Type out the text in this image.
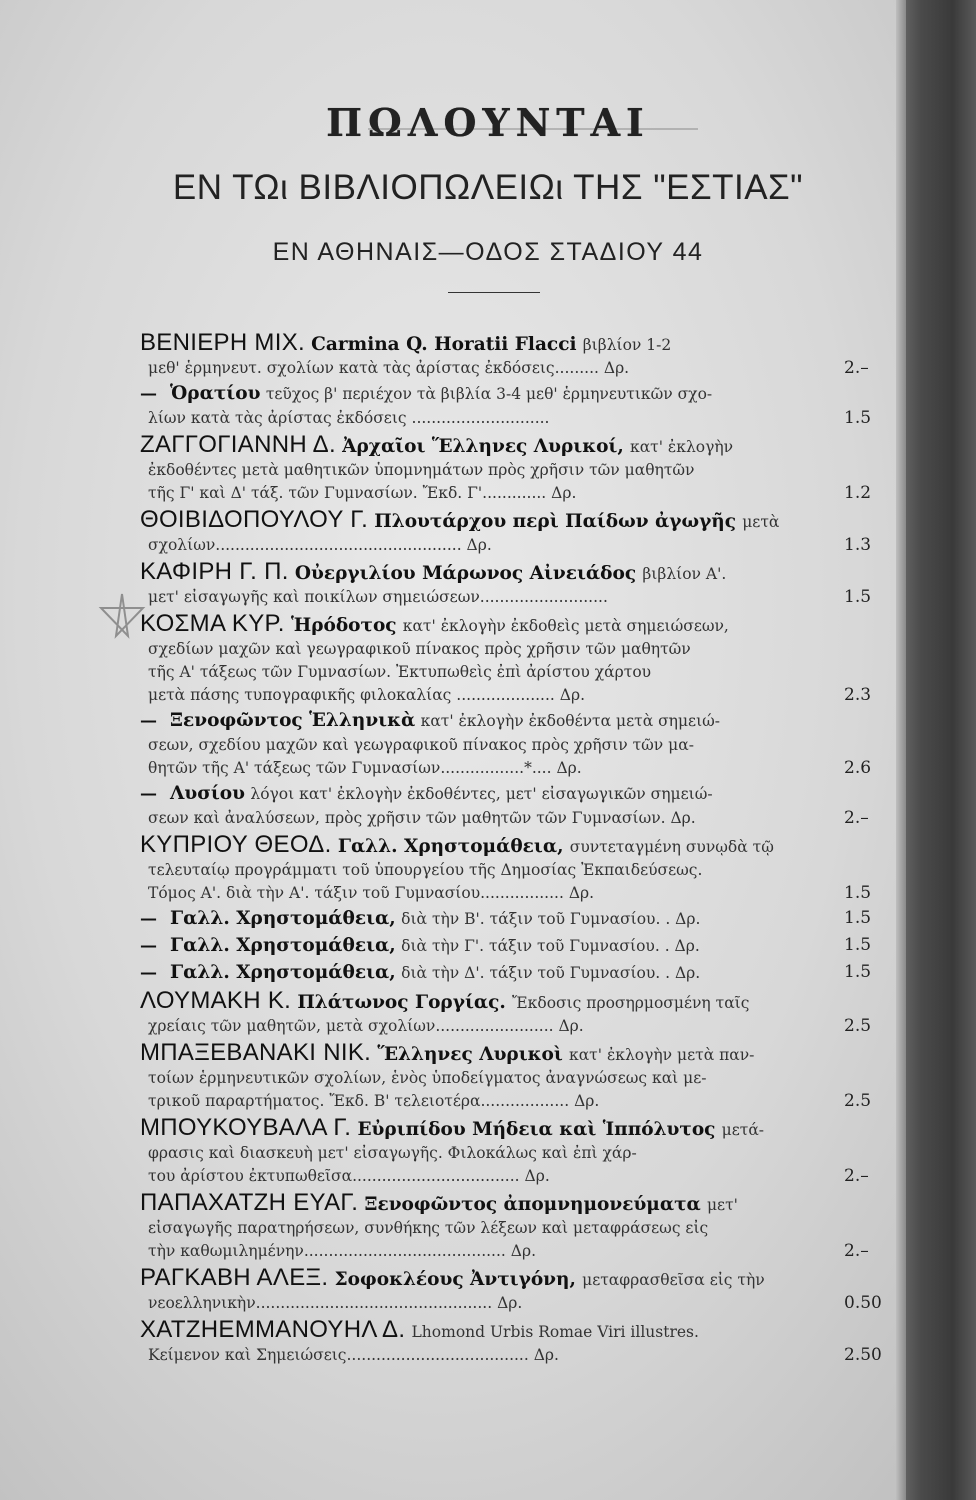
ΠΩΛΟΥΝΤΑΙ
ΕΝ ΤΩι ΒΙΒΛΙΟΠΩΛΕΙΩι ΤΗΣ "ΕΣΤΙΑΣ"
ΕΝ ΑΘΗΝΑΙΣ—ΟΔΟΣ ΣΤΑΔΙΟΥ 44
ΒΕΝΙΕΡΗ ΜΙΧ. Carmina Q. Horatii Flacci βιβλίον 1-2
μεθ' ἑρμηνευτ. σχολίων κατὰ τὰς ἀρίστας ἐκδόσεις......... Δρ.	2.–
— Ὁρατίου τεῦχος β' περιέχον τὰ βιβλία 3-4 μεθ' ἑρμηνευτικῶν σχο-
λίων κατὰ τὰς ἀρίστας ἐκδόσεις ............................	1.5
ΖΑΓΓΟΓΙΑΝΝΗ Δ. Ἀρχαῖοι Ἕλληνες Λυρικοί, κατ' ἐκλογὴν
ἐκδοθέντες μετὰ μαθητικῶν ὑπομνημάτων πρὸς χρῆσιν τῶν μαθητῶν
τῆς Γ' καὶ Δ' τάξ. τῶν Γυμνασίων. Ἔκδ. Γ'............. Δρ.	1.2
ΘΟΙΒΙΔΟΠΟΥΛΟΥ Γ. Πλουτάρχου περὶ Παίδων ἀγωγῆς μετὰ
σχολίων.................................................. Δρ.	1.3
ΚΑΦΙΡΗ Γ. Π. Οὐεργιλίου Μάρωνος Αἰνειάδος βιβλίον Α'.
μετ' εἰσαγωγῆς καὶ ποικίλων σημειώσεων..........................	1.5
ΚΟΣΜΑ ΚΥΡ. Ἡρόδοτος κατ' ἐκλογὴν ἐκδοθεὶς μετὰ σημειώσεων,
σχεδίων μαχῶν καὶ γεωγραφικοῦ πίνακος πρὸς χρῆσιν τῶν μαθητῶν
τῆς Α' τάξεως τῶν Γυμνασίων. Ἐκτυπωθεὶς ἐπὶ ἀρίστου χάρτου
μετὰ πάσης τυπογραφικῆς φιλοκαλίας .................... Δρ.	2.3
— Ξενοφῶντος Ἑλληνικὰ κατ' ἐκλογὴν ἐκδοθέντα μετὰ σημειώ-
σεων, σχεδίου μαχῶν καὶ γεωγραφικοῦ πίνακος πρὸς χρῆσιν τῶν μα-
θητῶν τῆς Α' τάξεως τῶν Γυμνασίων.................*.... Δρ.	2.6
— Λυσίου λόγοι κατ' ἐκλογὴν ἐκδοθέντες, μετ' εἰσαγωγικῶν σημειώ-
σεων καὶ ἀναλύσεων, πρὸς χρῆσιν τῶν μαθητῶν τῶν Γυμνασίων. Δρ.	2.–
ΚΥΠΡΙΟΥ ΘΕΟΔ. Γαλλ. Χρηστομάθεια, συντεταγμένη συνῳδὰ τῷ
τελευταίῳ προγράμματι τοῦ ὑπουργείου τῆς Δημοσίας Ἐκπαιδεύσεως.
Τόμος Α'. διὰ τὴν Α'. τάξιν τοῦ Γυμνασίου................. Δρ.	1.5
— Γαλλ. Χρηστομάθεια, διὰ τὴν Β'. τάξιν τοῦ Γυμνασίου. . Δρ.	1.5
— Γαλλ. Χρηστομάθεια, διὰ τὴν Γ'. τάξιν τοῦ Γυμνασίου. . Δρ.	1.5
— Γαλλ. Χρηστομάθεια, διὰ τὴν Δ'. τάξιν τοῦ Γυμνασίου. . Δρ.	1.5
ΛΟΥΜΑΚΗ Κ. Πλάτωνος Γοργίας. Ἔκδοσις προσηρμοσμένη ταῖς
χρείαις τῶν μαθητῶν, μετὰ σχολίων........................ Δρ.	2.5
ΜΠΑΞΕΒΑΝΑΚΙ ΝΙΚ. Ἕλληνες Λυρικοὶ κατ' ἐκλογὴν μετὰ παν-
τοίων ἑρμηνευτικῶν σχολίων, ἑνὸς ὑποδείγματος ἀναγνώσεως καὶ με-
τρικοῦ παραρτήματος. Ἔκδ. Β' τελειοτέρα.................. Δρ.	2.5
ΜΠΟΥΚΟΥΒΑΛΑ Γ. Εὐριπίδου Μήδεια καὶ Ἱππόλυτος μετά-
φρασις καὶ διασκευὴ μετ' εἰσαγωγῆς. Φιλοκάλως καὶ ἐπὶ χάρ-
του ἀρίστου ἐκτυπωθεῖσα.................................. Δρ.	2.–
ΠΑΠΑΧΑΤΖΗ ΕΥΑΓ. Ξενοφῶντος ἀπομνημονεύματα μετ'
εἰσαγωγῆς παρατηρήσεων, συνθήκης τῶν λέξεων καὶ μεταφράσεως εἰς
τὴν καθωμιλημένην......................................... Δρ.	2.–
ΡΑΓΚΑΒΗ ΑΛΕΞ. Σοφοκλέους Ἀντιγόνη, μεταφρασθεῖσα εἰς τὴν
νεοελληνικὴν................................................ Δρ.	0.50
ΧΑΤΖΗΕΜΜΑΝΟΥΗΛ Δ. Lhomond Urbis Romae Viri illustres.
Κείμενον καὶ Σημειώσεις..................................... Δρ.	2.50
